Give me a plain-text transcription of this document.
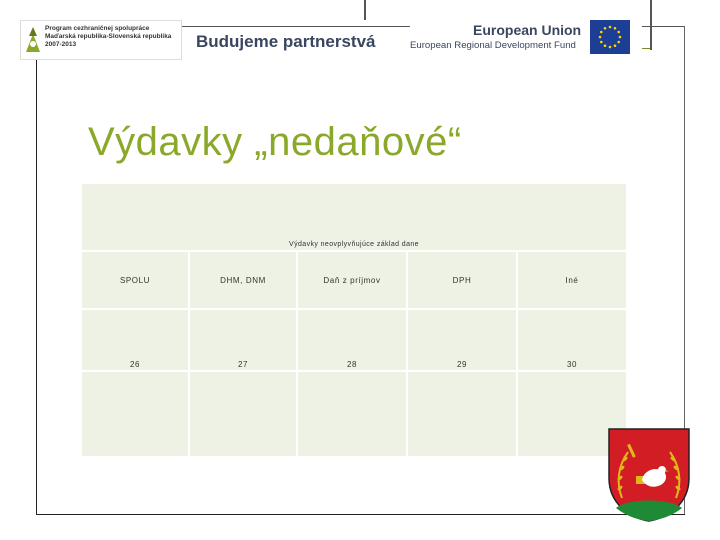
Program cezhraničnej spolupráce
Maďarská republika-Slovenská republika
2007-2013	Budujeme partnerstvá
European Union
European Regional Development Fund
Výdavky „nedaňové“
Výdavky neovplyvňujúce základ dane
SPOLU	DHM, DNM	Daň z príjmov	DPH	Iné
26	27	28	29	30
